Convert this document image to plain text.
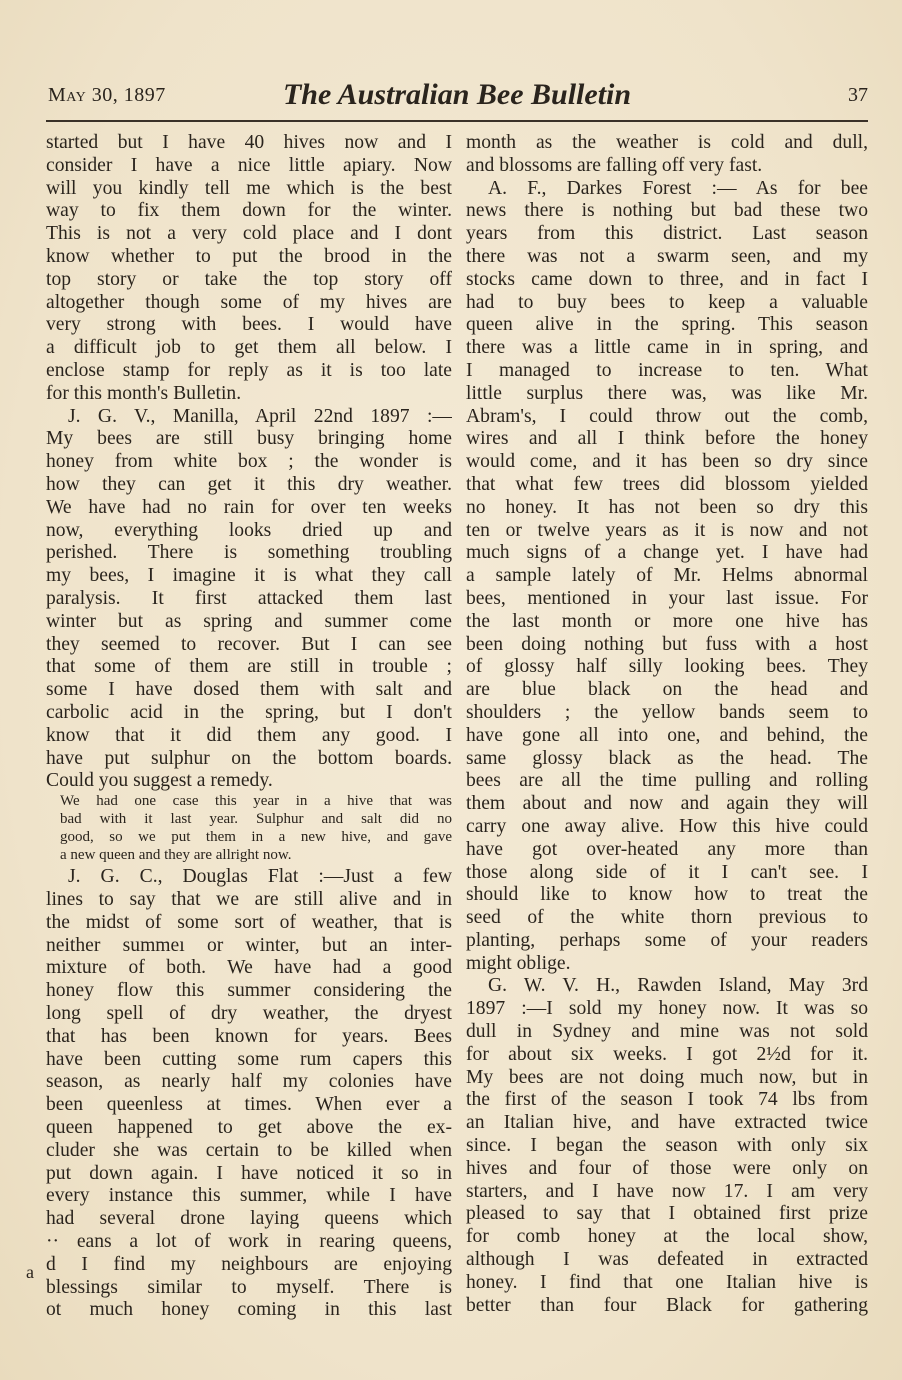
May 30, 1897	The Australian Bee Bulletin	37
started but I have 40 hives now and I
consider I have a nice little apiary. Now
will you kindly tell me which is the best
way to fix them down for the winter.
This is not a very cold place and I dont
know whether to put the brood in the
top story or take the top story off
altogether though some of my hives are
very strong with bees. I would have
a difficult job to get them all below. I
enclose stamp for reply as it is too late
for this month's Bulletin.
J. G. V., Manilla, April 22nd 1897 :—
My bees are still busy bringing home
honey from white box ; the wonder is
how they can get it this dry weather.
We have had no rain for over ten weeks
now, everything looks dried up and
perished. There is something troubling
my bees, I imagine it is what they call
paralysis. It first attacked them last
winter but as spring and summer come
they seemed to recover. But I can see
that some of them are still in trouble ;
some I have dosed them with salt and
carbolic acid in the spring, but I don't
know that it did them any good. I
have put sulphur on the bottom boards.
Could you suggest a remedy.
We had one case this year in a hive that was
bad with it last year. Sulphur and salt did no
good, so we put them in a new hive, and gave
a new queen and they are allright now.
J. G. C., Douglas Flat :—Just a few
lines to say that we are still alive and in
the midst of some sort of weather, that is
neither summeı or winter, but an inter-
mixture of both. We have had a good
honey flow this summer considering the
long spell of dry weather, the dryest
that has been known for years. Bees
have been cutting some rum capers this
season, as nearly half my colonies have
been queenless at times. When ever a
queen happened to get above the ex-
cluder she was certain to be killed when
put down again. I have noticed it so in
every instance this summer, while I have
had several drone laying queens which
·· eans a lot of work in rearing queens,
d I find my neighbours are enjoying
blessings similar to myself. There is
ot much honey coming in this last
month as the weather is cold and dull,
and blossoms are falling off very fast.
A. F., Darkes Forest :— As for bee
news there is nothing but bad these two
years from this district. Last season
there was not a swarm seen, and my
stocks came down to three, and in fact I
had to buy bees to keep a valuable
queen alive in the spring. This season
there was a little came in in spring, and
I managed to increase to ten. What
little surplus there was, was like Mr.
Abram's, I could throw out the comb,
wires and all I think before the honey
would come, and it has been so dry since
that what few trees did blossom yielded
no honey. It has not been so dry this
ten or twelve years as it is now and not
much signs of a change yet. I have had
a sample lately of Mr. Helms abnormal
bees, mentioned in your last issue. For
the last month or more one hive has
been doing nothing but fuss with a host
of glossy half silly looking bees. They
are blue black on the head and
shoulders ; the yellow bands seem to
have gone all into one, and behind, the
same glossy black as the head. The
bees are all the time pulling and rolling
them about and now and again they will
carry one away alive. How this hive could
have got over-heated any more than
those along side of it I can't see. I
should like to know how to treat the
seed of the white thorn previous to
planting, perhaps some of your readers
might oblige.
G. W. V. H., Rawden Island, May 3rd
1897 :—I sold my honey now. It was so
dull in Sydney and mine was not sold
for about six weeks. I got 2½d for it.
My bees are not doing much now, but in
the first of the season I took 74 lbs from
an Italian hive, and have extracted twice
since. I began the season with only six
hives and four of those were only on
starters, and I have now 17. I am very
pleased to say that I obtained first prize
for comb honey at the local show,
although I was defeated in extracted
honey. I find that one Italian hive is
better than four Black for gathering
a
